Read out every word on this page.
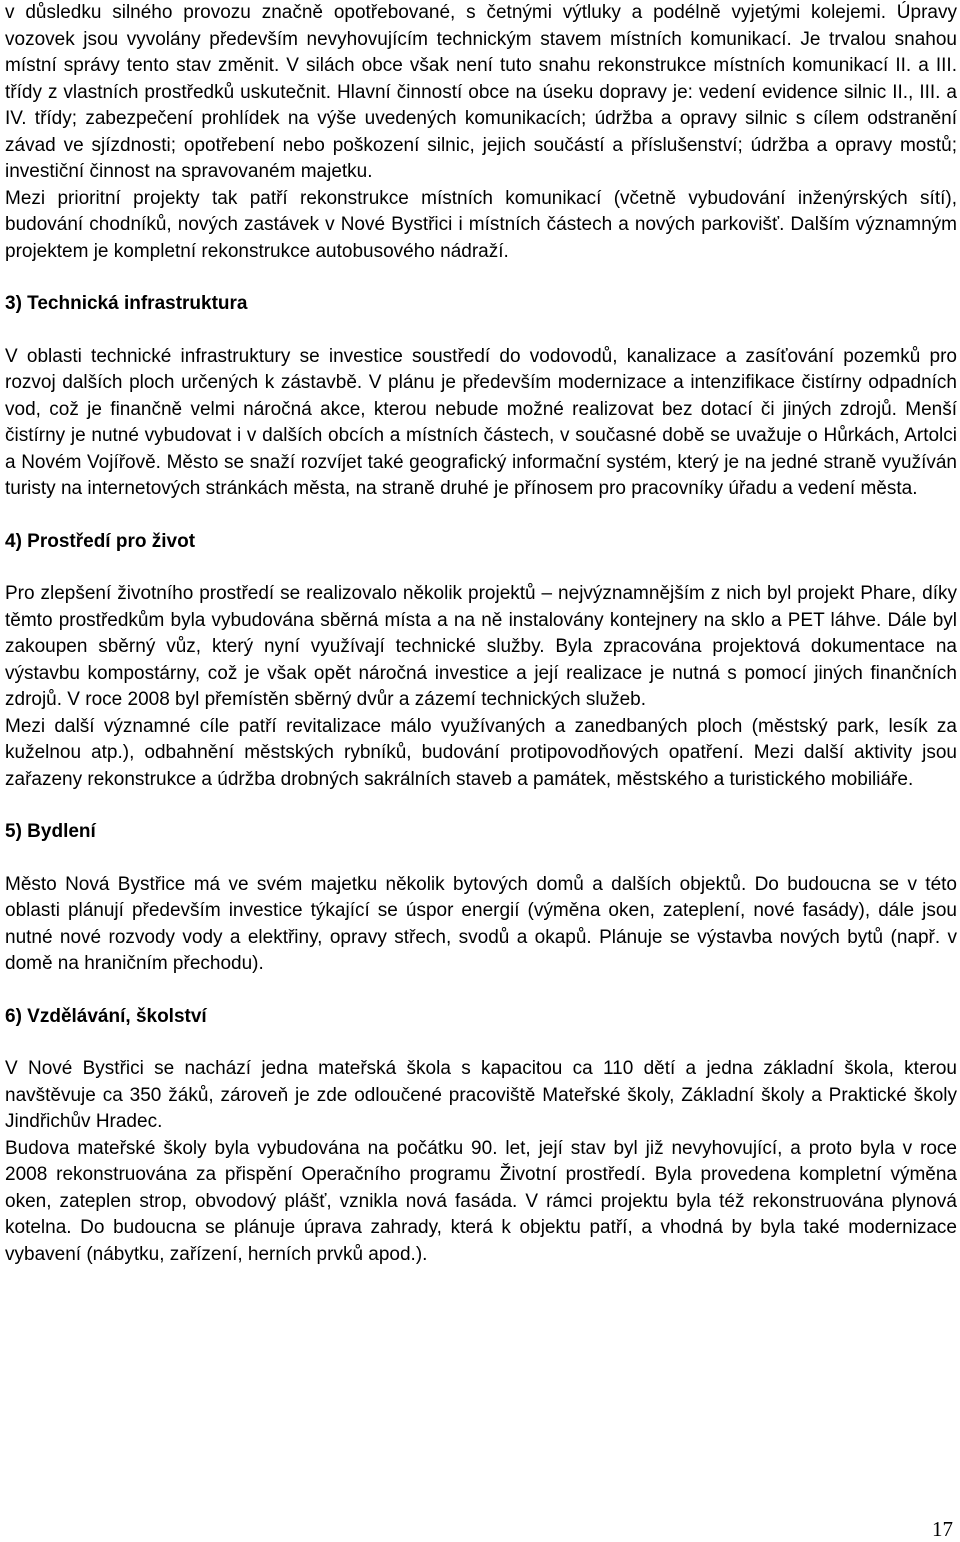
v důsledku silného provozu značně opotřebované, s četnými výtluky a podélně vyjetými kolejemi. Úpravy vozovek jsou vyvolány především nevyhovujícím technickým stavem místních komunikací. Je trvalou snahou místní správy tento stav změnit. V silách obce však není tuto snahu rekonstrukce místních komunikací II. a III. třídy z vlastních prostředků uskutečnit. Hlavní činností obce na úseku dopravy je: vedení evidence silnic II., III. a IV. třídy; zabezpečení prohlídek na výše uvedených komunikacích; údržba a opravy silnic s cílem odstranění závad ve sjízdnosti; opotřebení nebo poškození silnic, jejich součástí a příslušenství; údržba a opravy mostů; investiční činnost na spravovaném majetku.

Mezi prioritní projekty tak patří rekonstrukce místních komunikací (včetně vybudování inženýrských sítí), budování chodníků, nových zastávek v Nové Bystřici i místních částech a nových parkovišť. Dalším významným projektem je kompletní rekonstrukce autobusového nádraží.

3) Technická infrastruktura

V oblasti technické infrastruktury se investice soustředí do vodovodů, kanalizace a zasíťování pozemků pro rozvoj dalších ploch určených k zástavbě. V plánu je především modernizace a intenzifikace čistírny odpadních vod, což je finančně velmi náročná akce, kterou nebude možné realizovat bez dotací či jiných zdrojů. Menší čistírny je nutné vybudovat i v dalších obcích a místních částech, v současné době se uvažuje o Hůrkách, Artolci a Novém Vojířově. Město se snaží rozvíjet také geografický informační systém, který je na jedné straně využíván turisty na internetových stránkách města, na straně druhé je přínosem pro pracovníky úřadu a vedení města.

4) Prostředí pro život

Pro zlepšení životního prostředí se realizovalo několik projektů – nejvýznamnějším z nich byl projekt Phare, díky těmto prostředkům byla vybudována sběrná místa a na ně instalovány kontejnery na sklo a PET láhve. Dále byl zakoupen sběrný vůz, který nyní využívají technické služby. Byla zpracována projektová dokumentace na výstavbu kompostárny, což je však opět náročná investice a její realizace je nutná s pomocí jiných finančních zdrojů. V roce 2008 byl přemístěn sběrný dvůr a zázemí technických služeb.

Mezi další významné cíle patří revitalizace málo využívaných a zanedbaných ploch (městský park, lesík za kuželnou atp.), odbahnění městských rybníků, budování protipovodňových opatření. Mezi další aktivity jsou zařazeny rekonstrukce a údržba drobných sakrálních staveb a památek, městského a turistického mobiliáře.

5) Bydlení

Město Nová Bystřice má ve svém majetku několik bytových domů a dalších objektů. Do budoucna se v této oblasti plánují především investice týkající se úspor energií (výměna oken, zateplení, nové fasády), dále jsou nutné nové rozvody vody a elektřiny, opravy střech, svodů a okapů. Plánuje se výstavba nových bytů (např. v domě na hraničním přechodu).

6) Vzdělávání, školství

V Nové Bystřici se nachází jedna mateřská škola s kapacitou ca 110 dětí a jedna základní škola, kterou navštěvuje ca 350 žáků, zároveň je zde odloučené pracoviště Mateřské školy, Základní školy a Praktické školy Jindřichův Hradec.

Budova mateřské školy byla vybudována na počátku 90. let, její stav byl již nevyhovující, a proto byla v roce 2008 rekonstruována za přispění Operačního programu Životní prostředí. Byla provedena kompletní výměna oken, zateplen strop, obvodový plášť, vznikla nová fasáda. V rámci projektu byla též rekonstruována plynová kotelna. Do budoucna se plánuje úprava zahrady, která k objektu patří, a vhodná by byla také modernizace vybavení (nábytku, zařízení, herních prvků apod.).

17
